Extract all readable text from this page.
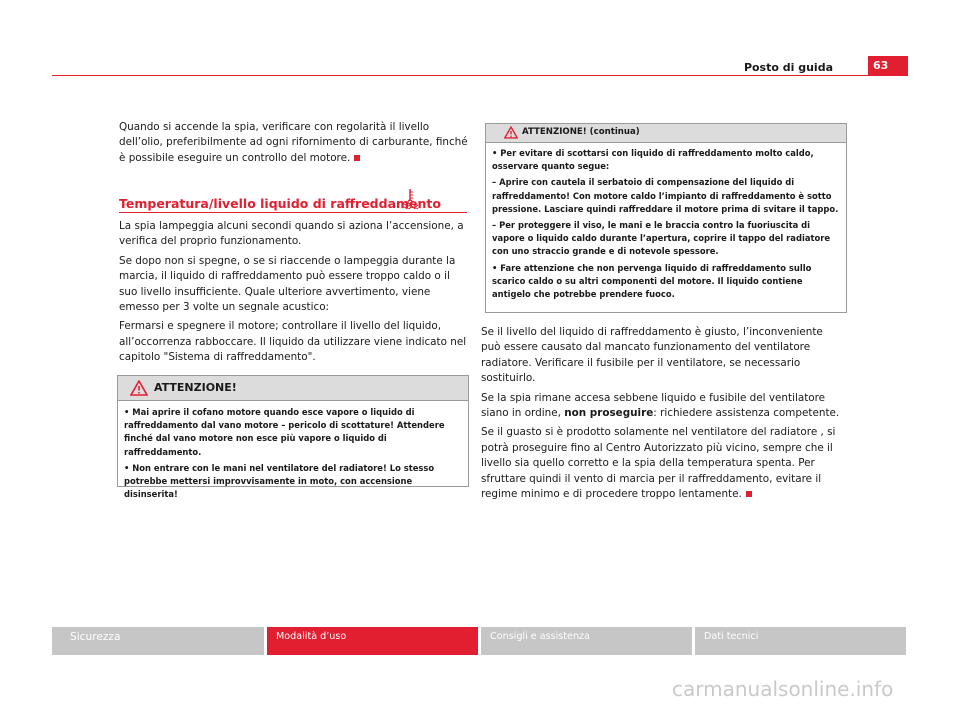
Posto di guida	63

Quando si accende la spia, verificare con regolarità il livello dell’olio, preferibilmente ad ogni rifornimento di carburante, finché è possibile eseguire un controllo del motore.

Temperatura/livello liquido di raffreddamento

La spia lampeggia alcuni secondi quando si aziona l’accensione, a verifica del proprio funzionamento.

Se dopo non si spegne, o se si riaccende o lampeggia durante la marcia, il liquido di raffreddamento può essere troppo caldo o il suo livello insufficiente. Quale ulteriore avvertimento, viene emesso per 3 volte un segnale acustico:

Fermarsi e spegnere il motore; controllare il livello del liquido, all’occorrenza rabboccare. Il liquido da utilizzare viene indicato nel capitolo "Sistema di raffreddamento".

ATTENZIONE!

• Mai aprire il cofano motore quando esce vapore o liquido di raffreddamento dal vano motore – pericolo di scottature! Attendere finché dal vano motore non esce più vapore o liquido di raffreddamento.

• Non entrare con le mani nel ventilatore del radiatore! Lo stesso potrebbe mettersi improvvisamente in moto, con accensione disinserita!

ATTENZIONE! (continua)

• Per evitare di scottarsi con liquido di raffreddamento molto caldo, osservare quanto segue:

– Aprire con cautela il serbatoio di compensazione del liquido di raffreddamento! Con motore caldo l’impianto di raffreddamento è sotto pressione. Lasciare quindi raffreddare il motore prima di svitare il tappo.

– Per proteggere il viso, le mani e le braccia contro la fuoriuscita di vapore o liquido caldo durante l’apertura, coprire il tappo del radiatore con uno straccio grande e di notevole spessore.

• Fare attenzione che non pervenga liquido di raffreddamento sullo scarico caldo o su altri componenti del motore. Il liquido contiene antigelo che potrebbe prendere fuoco.

Se il livello del liquido di raffreddamento è giusto, l’inconveniente può essere causato dal mancato funzionamento del ventilatore radiatore. Verificare il fusibile per il ventilatore, se necessario sostituirlo.

Se la spia rimane accesa sebbene liquido e fusibile del ventilatore siano in ordine, non proseguire: richiedere assistenza competente.

Se il guasto si è prodotto solamente nel ventilatore del radiatore , si potrà proseguire fino al Centro Autorizzato più vicino, sempre che il livello sia quello corretto e la spia della temperatura spenta. Per sfruttare quindi il vento di marcia per il raffreddamento, evitare il regime minimo e di procedere troppo lentamente.

Sicurezza	Modalità d’uso	Consigli e assistenza	Dati tecnici
carmanualsonline.info
